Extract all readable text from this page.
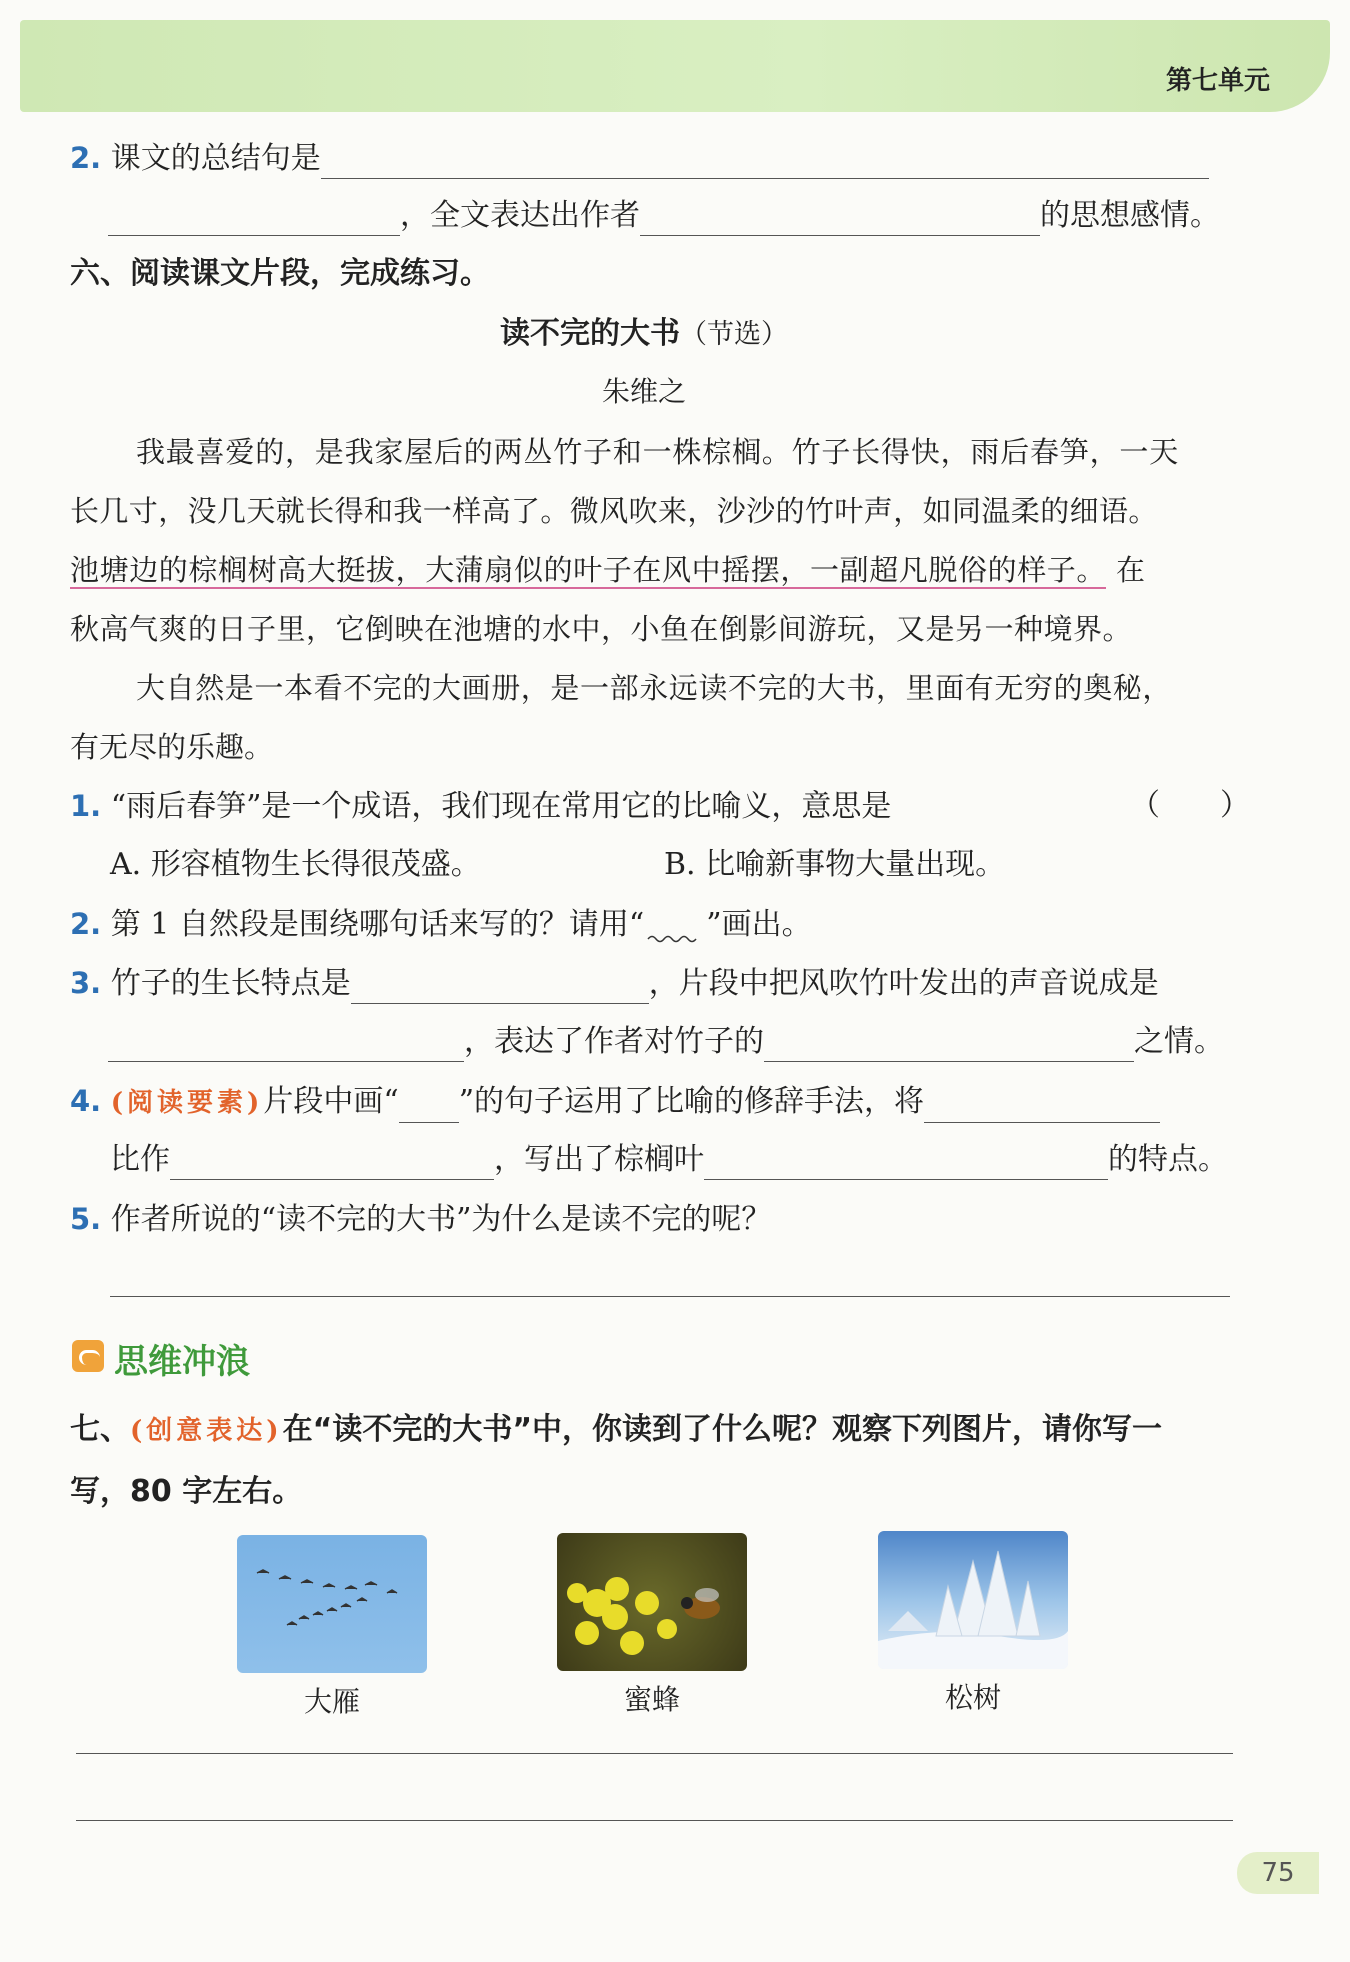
第七单元
2. 课文的总结句是
，全文表达出作者	的思想感情。
六、阅读课文片段，完成练习。
读不完的大书（节选）
朱维之
我最喜爱的，是我家屋后的两丛竹子和一株棕榈。竹子长得快，雨后春笋，一天
长几寸，没几天就长得和我一样高了。微风吹来，沙沙的竹叶声，如同温柔的细语。
池塘边的棕榈树高大挺拔，大蒲扇似的叶子在风中摇摆，一副超凡脱俗的样子。 在
秋高气爽的日子里，它倒映在池塘的水中，小鱼在倒影间游玩，又是另一种境界。
大自然是一本看不完的大画册，是一部永远读不完的大书，里面有无穷的奥秘，
有无尽的乐趣。
1. “雨后春笋”是一个成语，我们现在常用它的比喻义，意思是	（　　）
A. 形容植物生长得很茂盛。	B. 比喻新事物大量出现。
2. 第 1 自然段是围绕哪句话来写的？请用“ ”画出。
3. 竹子的生长特点是	，片段中把风吹竹叶发出的声音说成是
，表达了作者对竹子的	之情。
4. (阅读要素)片段中画“ ”的句子运用了比喻的修辞手法，将
比作	，写出了棕榈叶	的特点。
5. 作者所说的“读不完的大书”为什么是读不完的呢？
思维冲浪
七、(创意表达)在“读不完的大书”中，你读到了什么呢？观察下列图片，请你写一
写，80 字左右。
大雁	蜜蜂	松树
75
